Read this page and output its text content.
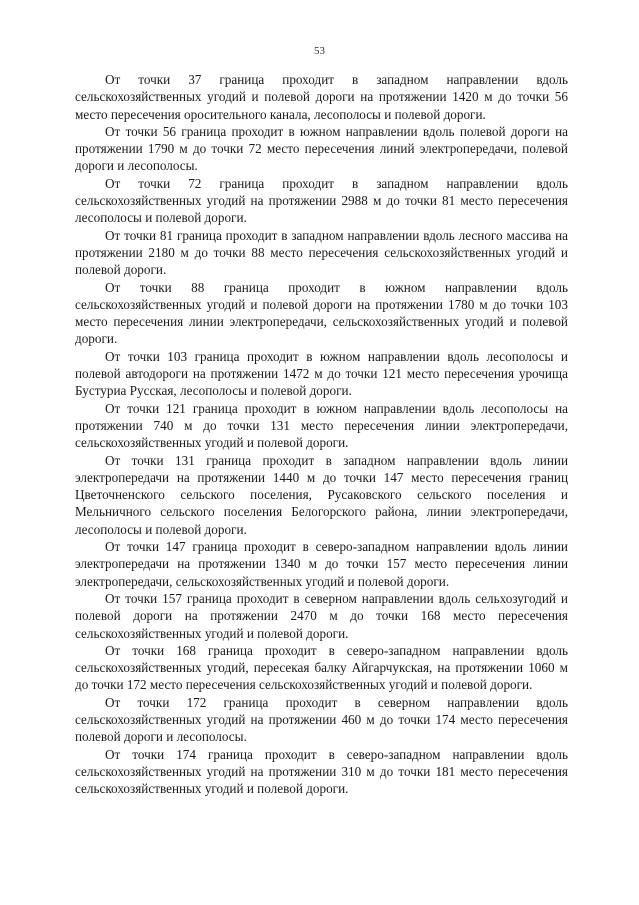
53

От точки 37 граница проходит в западном направлении вдоль сельскохозяйственных угодий и полевой дороги на протяжении 1420 м до точки 56 место пересечения оросительного канала, лесополосы и полевой дороги.

От точки 56 граница проходит в южном направлении вдоль полевой дороги на протяжении 1790 м до точки 72 место пересечения линий электропередачи, полевой дороги и лесополосы.

От точки 72 граница проходит в западном направлении вдоль сельскохозяйственных угодий на протяжении 2988 м до точки 81 место пересечения лесополосы и полевой дороги.

От точки 81 граница проходит в западном направлении вдоль лесного массива на протяжении 2180 м до точки 88 место пересечения сельскохозяйственных угодий и полевой дороги.

От точки 88 граница проходит в южном направлении вдоль сельскохозяйственных угодий и полевой дороги на протяжении 1780 м до точки 103 место пересечения линии электропередачи, сельскохозяйственных угодий и полевой дороги.

От точки 103 граница проходит в южном направлении вдоль лесополосы и полевой автодороги на протяжении 1472 м до точки 121 место пересечения урочища Бустуриа Русская, лесополосы и полевой дороги.

От точки 121 граница проходит в южном направлении вдоль лесополосы на протяжении 740 м до точки 131 место пересечения линии электропередачи, сельскохозяйственных угодий и полевой дороги.

От точки 131 граница проходит в западном направлении вдоль линии электропередачи на протяжении 1440 м до точки 147 место пересечения границ Цветочненского сельского поселения, Русаковского сельского поселения и Мельничного сельского поселения Белогорского района, линии электропередачи, лесополосы и полевой дороги.

От точки 147 граница проходит в северо-западном направлении вдоль линии электропередачи на протяжении 1340 м до точки 157 место пересечения линии электропередачи, сельскохозяйственных угодий и полевой дороги.

От точки 157 граница проходит в северном направлении вдоль сельхозугодий и полевой дороги на протяжении 2470 м до точки 168 место пересечения сельскохозяйственных угодий и полевой дороги.

От точки 168 граница проходит в северо-западном направлении вдоль сельскохозяйственных угодий, пересекая балку Айгарчукская, на протяжении 1060 м до точки 172 место пересечения сельскохозяйственных угодий и полевой дороги.

От точки 172 граница проходит в северном направлении вдоль сельскохозяйственных угодий на протяжении 460 м до точки 174 место пересечения полевой дороги и лесополосы.

От точки 174 граница проходит в северо-западном направлении вдоль сельскохозяйственных угодий на протяжении 310 м до точки 181 место пересечения сельскохозяйственных угодий и полевой дороги.
